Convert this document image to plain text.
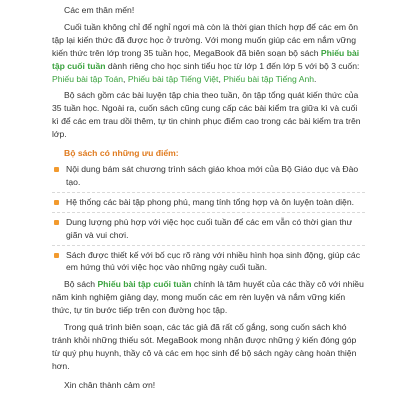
Các em thân mến!

Cuối tuần không chỉ để nghỉ ngơi mà còn là thời gian thích hợp để các em ôn tập lại kiến thức đã được học ở trường. Với mong muốn giúp các em nắm vững kiến thức trên lớp trong 35 tuần học, MegaBook đã biên soạn bộ sách Phiếu bài tập cuối tuần dành riêng cho học sinh tiểu học từ lớp 1 đến lớp 5 với bộ 3 cuốn: Phiếu bài tập Toán, Phiếu bài tập Tiếng Việt, Phiếu bài tập Tiếng Anh.

Bộ sách gồm các bài luyện tập chia theo tuần, ôn tập tổng quát kiến thức của 35 tuần học. Ngoài ra, cuốn sách cũng cung cấp các bài kiểm tra giữa kì và cuối kì để các em trau dồi thêm, tự tin chinh phục điểm cao trong các bài kiểm tra trên lớp.

Bộ sách có những ưu điểm:

Nội dung bám sát chương trình sách giáo khoa mới của Bộ Giáo dục và Đào tạo.
Hệ thống các bài tập phong phú, mang tính tổng hợp và ôn luyện toàn diện.
Dung lượng phù hợp với việc học cuối tuần để các em vẫn có thời gian thư giãn và vui chơi.
Sách được thiết kế với bố cục rõ ràng với nhiều hình họa sinh động, giúp các em hứng thú với việc học vào những ngày cuối tuần.

Bộ sách Phiếu bài tập cuối tuần chính là tâm huyết của các thầy cô với nhiều năm kinh nghiệm giảng dạy, mong muốn các em rèn luyện và nắm vững kiến thức, tự tin bước tiếp trên con đường học tập.

Trong quá trình biên soạn, các tác giả đã rất cố gắng, song cuốn sách khó tránh khỏi những thiếu sót. MegaBook mong nhận được những ý kiến đóng góp từ quý phụ huynh, thầy cô và các em học sinh để bộ sách ngày càng hoàn thiện hơn.

Xin chân thành cảm ơn!
